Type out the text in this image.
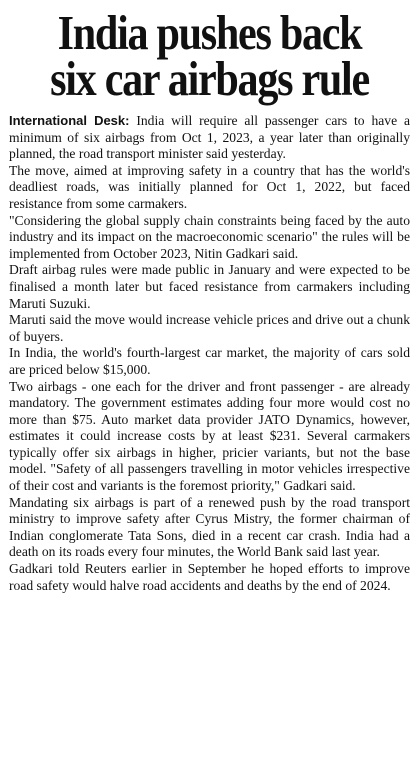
India pushes back
six car airbags rule

International Desk: India will require all passenger cars to have a minimum of six airbags from Oct 1, 2023, a year later than originally planned, the road transport minister said yesterday.

The move, aimed at improving safety in a country that has the world's deadliest roads, was initially planned for Oct 1, 2022, but faced resistance from some carmakers.

"Considering the global supply chain constraints being faced by the auto industry and its impact on the macroeconomic scenario" the rules will be implemented from October 2023, Nitin Gadkari said.

Draft airbag rules were made public in January and were expected to be finalised a month later but faced resistance from carmakers including Maruti Suzuki.

Maruti said the move would increase vehicle prices and drive out a chunk of buyers.

In India, the world's fourth-largest car market, the majority of cars sold are priced below $15,000.

Two airbags - one each for the driver and front passenger - are already mandatory. The government estimates adding four more would cost no more than $75. Auto market data provider JATO Dynamics, however, estimates it could increase costs by at least $231. Several carmakers typically offer six airbags in higher, pricier variants, but not the base model. "Safety of all passengers travelling in motor vehicles irrespective of their cost and variants is the foremost priority," Gadkari said.

Mandating six airbags is part of a renewed push by the road transport ministry to improve safety after Cyrus Mistry, the former chairman of Indian conglomerate Tata Sons, died in a recent car crash. India had a death on its roads every four minutes, the World Bank said last year.

Gadkari told Reuters earlier in September he hoped efforts to improve road safety would halve road accidents and deaths by the end of 2024.
